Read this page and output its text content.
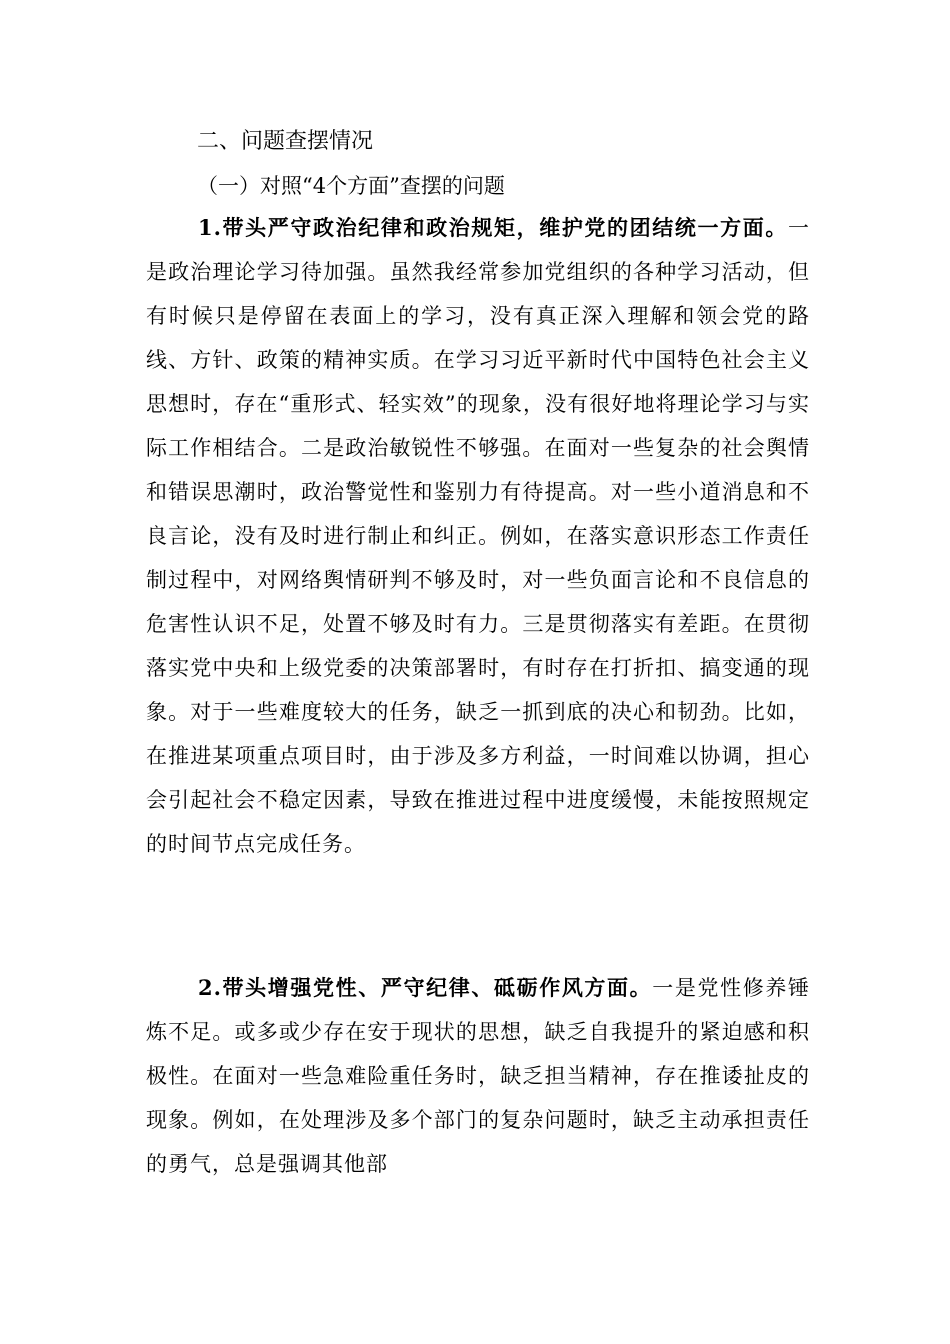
二、问题查摆情况
（一）对照“4个方面”查摆的问题

1.带头严守政治纪律和政治规矩，维护党的团结统一方面。一是政治理论学习待加强。虽然我经常参加党组织的各种学习活动，但有时候只是停留在表面上的学习，没有真正深入理解和领会党的路线、方针、政策的精神实质。在学习习近平新时代中国特色社会主义思想时，存在“重形式、轻实效”的现象，没有很好地将理论学习与实际工作相结合。二是政治敏锐性不够强。在面对一些复杂的社会舆情和错误思潮时，政治警觉性和鉴别力有待提高。对一些小道消息和不良言论，没有及时进行制止和纠正。例如，在落实意识形态工作责任制过程中，对网络舆情研判不够及时，对一些负面言论和不良信息的危害性认识不足，处置不够及时有力。三是贯彻落实有差距。在贯彻落实党中央和上级党委的决策部署时，有时存在打折扣、搞变通的现象。对于一些难度较大的任务，缺乏一抓到底的决心和韧劲。比如，在推进某项重点项目时，由于涉及多方利益，一时间难以协调，担心会引起社会不稳定因素，导致在推进过程中进度缓慢，未能按照规定的时间节点完成任务。

2.带头增强党性、严守纪律、砥砺作风方面。一是党性修养锤炼不足。或多或少存在安于现状的思想，缺乏自我提升的紧迫感和积极性。在面对一些急难险重任务时，缺乏担当精神，存在推诿扯皮的现象。例如，在处理涉及多个部门的复杂问题时，缺乏主动承担责任的勇气，总是强调其他部
